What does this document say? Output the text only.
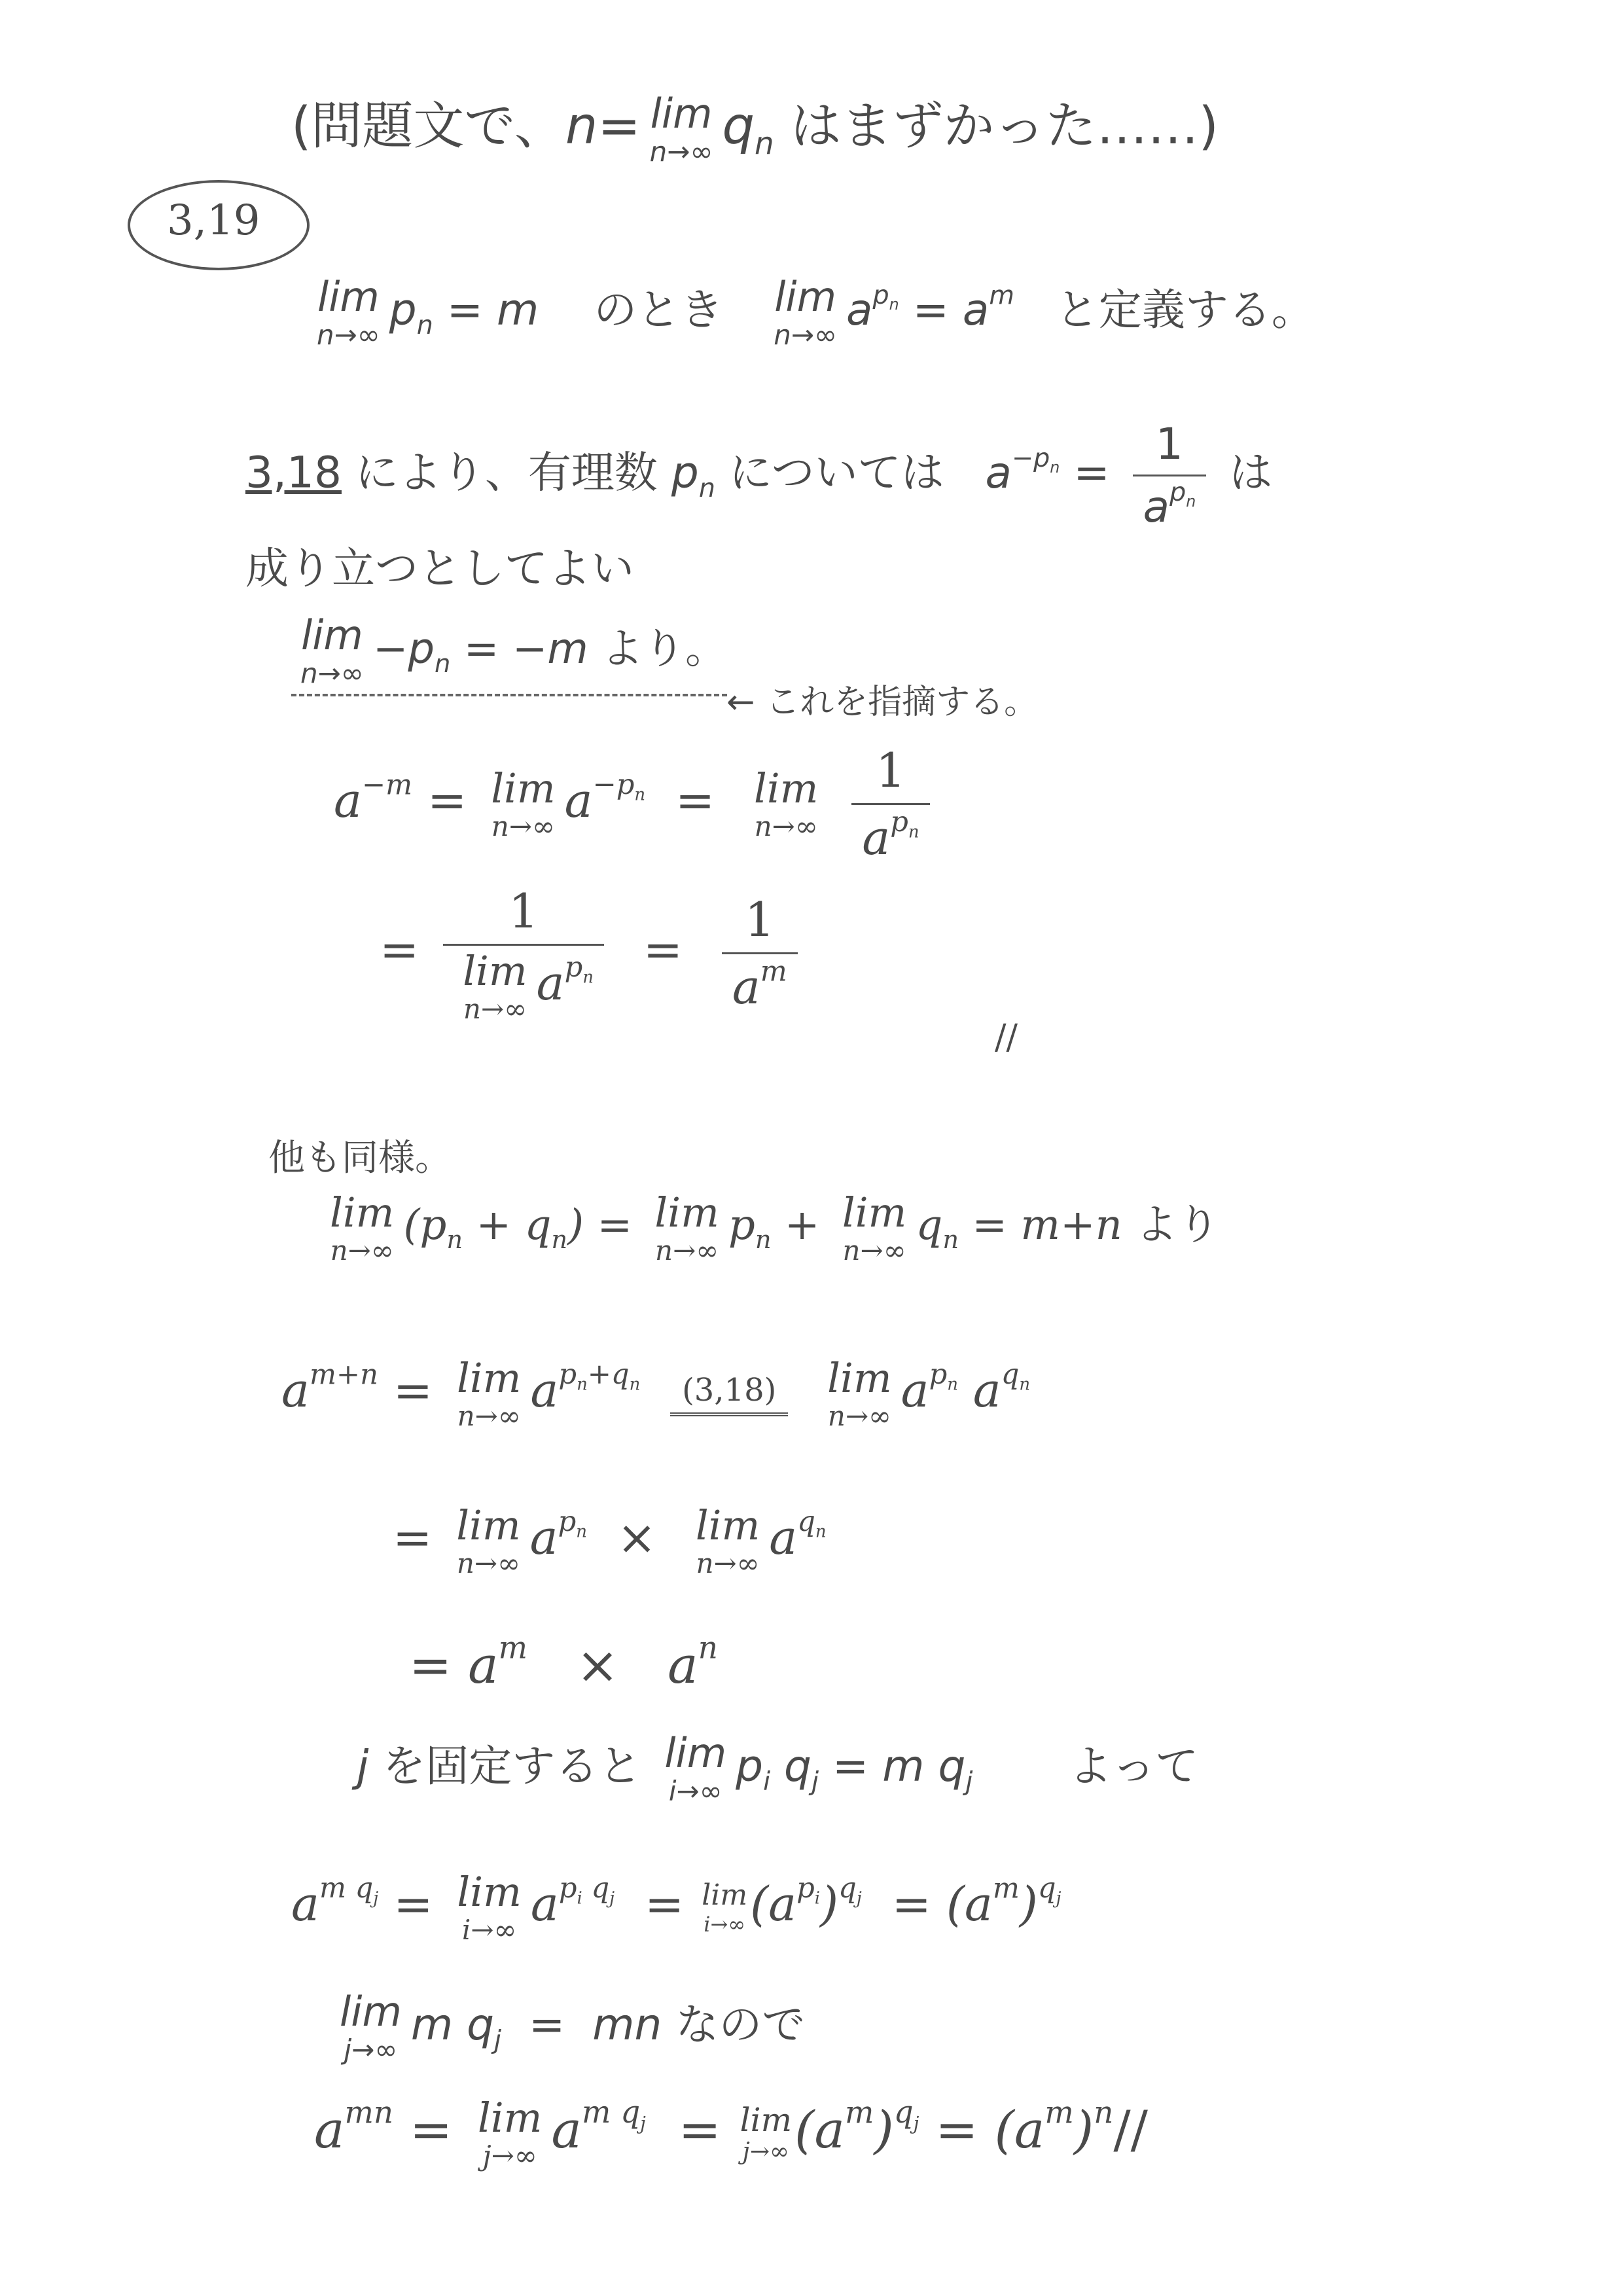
(問題文で、n= lim
n→∞ $q_n$ はまずかった……)
3,19
lim
n→∞ $p_n = m$    のとき lim
n→∞ $a^{p_n} = a^m$   と定義する。
3,18 により、有理数 $p_n$ については   $a^{-p_n} = \frac{1}{a^{p_n}}$ は
成り立つとしてよい
lim
$n\to\infty -p_n = -m$ より。
← これを指摘する。
$a^{-m} = \lim$
n→∞ $a^{-p_n} = \lim$
n→∞
$\frac{1}{a^{p_n}}$
= 1
lim
n→∞ $a^{p_n} = \frac{1}{a^m}$
//
他も同様。
lim
n→∞
$(p_n + q_n) = \lim$
n→∞
$p_n + \lim$
n→∞
$q_n = m+n$ より
$a^{m+n} = \lim$
n→∞ $a^{p_n+q_n}$ (3,18) lim
n→∞ $a^{p_n}$ $a^{q_n}$
= lim
n→∞ $a^{p_n} \times \lim$
n→∞ $a^{q_n}$
= $a^m \times a^n$
j を固定すると lim
i→∞ $p_i$ $q_j = m$ $q_j$       よって
$a^{m q_j} = \lim$
i→∞ $a^{p_i q_j} = \lim$
i→∞ $(a^{p_i})^{q_j} = (a^m)^{q_j}$
lim
j→∞ m $q_j$  =  mn なので
$a^{mn} = \lim$
j→∞ $a^{m q_j} = \lim$
j→∞ $(a^m)^{q_j} = (a^m)^n//$
